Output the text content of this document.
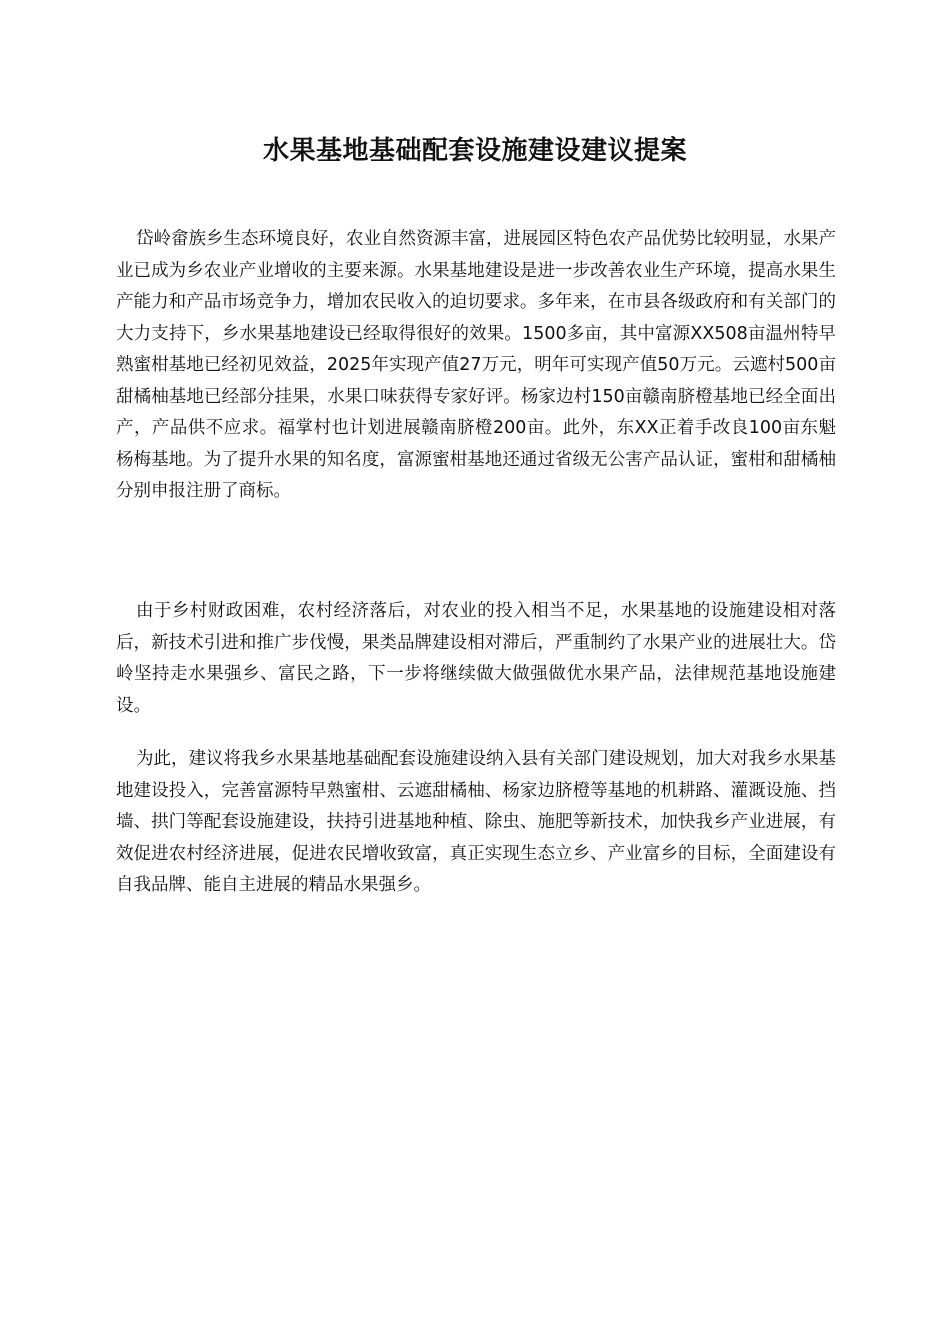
水果基地基础配套设施建设建议提案

岱岭畲族乡生态环境良好，农业自然资源丰富，进展园区特色农产品优势比较明显，水果产业已成为乡农业产业增收的主要来源。水果基地建设是进一步改善农业生产环境，提高水果生产能力和产品市场竞争力，增加农民收入的迫切要求。多年来，在市县各级政府和有关部门的大力支持下，乡水果基地建设已经取得很好的效果。1500多亩，其中富源XX508亩温州特早熟蜜柑基地已经初见效益，2025年实现产值27万元，明年可实现产值50万元。云遮村500亩甜橘柚基地已经部分挂果，水果口味获得专家好评。杨家边村150亩赣南脐橙基地已经全面出产，产品供不应求。福掌村也计划进展赣南脐橙200亩。此外，东XX正着手改良100亩东魁杨梅基地。为了提升水果的知名度，富源蜜柑基地还通过省级无公害产品认证，蜜柑和甜橘柚分别申报注册了商标。

由于乡村财政困难，农村经济落后，对农业的投入相当不足，水果基地的设施建设相对落后，新技术引进和推广步伐慢，果类品牌建设相对滞后，严重制约了水果产业的进展壮大。岱岭坚持走水果强乡、富民之路，下一步将继续做大做强做优水果产品，法律规范基地设施建设。

为此，建议将我乡水果基地基础配套设施建设纳入县有关部门建设规划，加大对我乡水果基地建设投入，完善富源特早熟蜜柑、云遮甜橘柚、杨家边脐橙等基地的机耕路、灌溉设施、挡墙、拱门等配套设施建设，扶持引进基地种植、除虫、施肥等新技术，加快我乡产业进展，有效促进农村经济进展，促进农民增收致富，真正实现生态立乡、产业富乡的目标，全面建设有自我品牌、能自主进展的精品水果强乡。
